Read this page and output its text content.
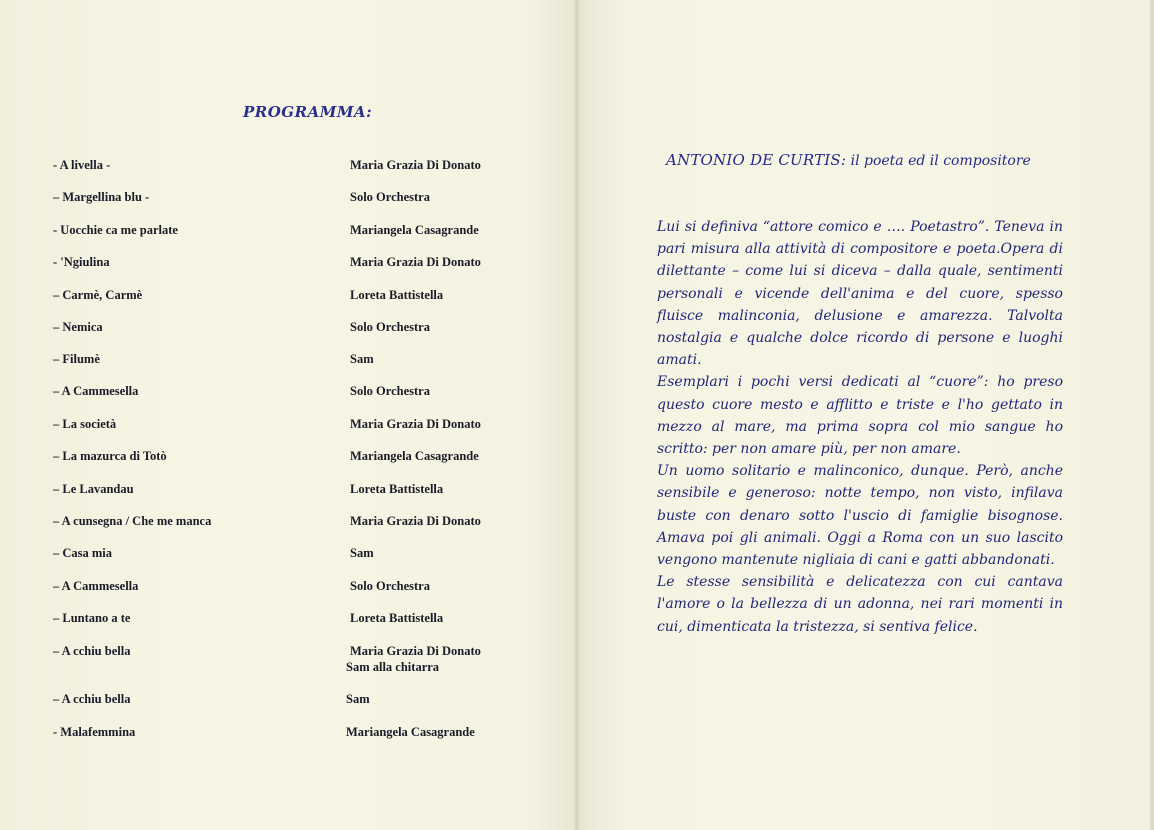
PROGRAMMA:
- A livella -	Maria Grazia Di Donato
– Margellina blu -	Solo Orchestra
- Uocchie ca me parlate	Mariangela Casagrande
- 'Ngiulina	Maria Grazia Di Donato
– Carmè, Carmè	Loreta Battistella
– Nemica	Solo Orchestra
– Filumè	Sam
– A Cammesella	Solo Orchestra
– La società	Maria Grazia Di Donato
– La mazurca di Totò	Mariangela Casagrande
– Le Lavandau	Loreta Battistella
– A cunsegna / Che me manca	Maria Grazia Di Donato
– Casa mia	Sam
– A Cammesella	Solo Orchestra
– Luntano a te	Loreta Battistella
– A cchiu bella	Maria Grazia Di Donato
Sam alla chitarra
– A cchiu bella	Sam
- Malafemmina	Mariangela Casagrande
ANTONIO DE CURTIS: il poeta ed il compositore

Lui si definiva “attore comico e …. Poetastro”. Teneva in pari misura alla attività di compositore e poeta.Opera di dilettante – come lui si diceva – dalla quale, sentimenti personali e vicende dell'anima e del cuore, spesso fluisce malinconia, delusione e amarezza. Talvolta nostalgia e qualche dolce ricordo di persone e luoghi amati.

Esemplari i pochi versi dedicati al “cuore”: ho preso questo cuore mesto e afflitto e triste e l'ho gettato in mezzo al mare, ma prima sopra col mio sangue ho scritto: per non amare più, per non amare.

Un uomo solitario e malinconico, dunque. Però, anche sensibile e generoso: notte tempo, non visto, infilava buste con denaro sotto l'uscio di famiglie bisognose. Amava poi gli animali. Oggi a Roma con un suo lascito vengono mantenute nigliaia di cani e gatti abbandonati.

Le stesse sensibilità e delicatezza con cui cantava l'amore o la bellezza di un adonna, nei rari momenti in cui, dimenticata la tristezza, si sentiva felice.
